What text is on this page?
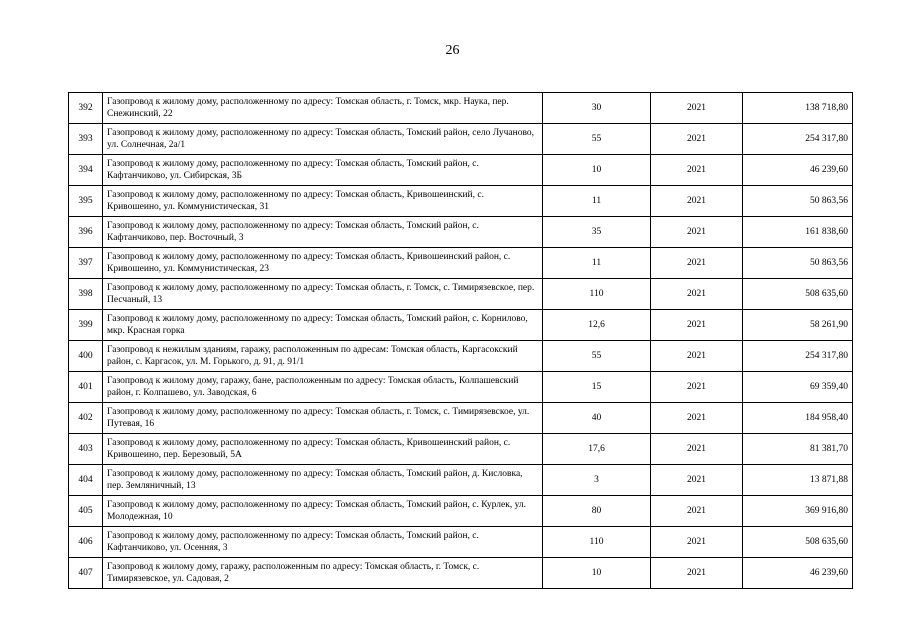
26
392	Газопровод к жилому дому, расположенному по адресу: Томская область, г. Томск, мкр. Наука, пер. Снежинский, 22	30	2021	138 718,80
393	Газопровод к жилому дому, расположенному по адресу: Томская область, Томский район, село Лучаново, ул. Солнечная, 2а/1	55	2021	254 317,80
394	Газопровод к жилому дому, расположенному по адресу: Томская область, Томский район, с. Кафтанчиково, ул. Сибирская, 3Б	10	2021	46 239,60
395	Газопровод к жилому дому, расположенному по адресу: Томская область, Кривошеинский, с. Кривошеино, ул. Коммунистическая, 31	11	2021	50 863,56
396	Газопровод к жилому дому, расположенному по адресу: Томская область, Томский район, с. Кафтанчиково, пер. Восточный, 3	35	2021	161 838,60
397	Газопровод к жилому дому, расположенному по адресу: Томская область, Кривошеинский район, с. Кривошеино, ул. Коммунистическая, 23	11	2021	50 863,56
398	Газопровод к жилому дому, расположенному по адресу: Томская область, г. Томск, с. Тимирязевское, пер. Песчаный, 13	110	2021	508 635,60
399	Газопровод к жилому дому, расположенному по адресу: Томская область, Томский район, с. Корнилово, мкр. Красная горка	12,6	2021	58 261,90
400	Газопровод к нежилым зданиям, гаражу, расположенным по адресам: Томская область, Каргасокский район, с. Каргасок, ул. М. Горького, д. 91, д. 91/1	55	2021	254 317,80
401	Газопровод к жилому дому, гаражу, бане, расположенным по адресу: Томская область, Колпашевский район, г. Колпашево, ул. Заводская, 6	15	2021	69 359,40
402	Газопровод к жилому дому, расположенному по адресу: Томская область, г. Томск, с. Тимирязевское, ул. Путевая, 16	40	2021	184 958,40
403	Газопровод к жилому дому, расположенному по адресу: Томская область, Кривошеинский район, с. Кривошеино, пер. Березовый, 5А	17,6	2021	81 381,70
404	Газопровод к жилому дому, расположенному по адресу: Томская область, Томский район, д. Кисловка, пер. Земляничный, 13	3	2021	13 871,88
405	Газопровод к жилому дому, расположенному по адресу: Томская область, Томский район, с. Курлек, ул. Молодежная, 10	80	2021	369 916,80
406	Газопровод к жилому дому, расположенному по адресу: Томская область, Томский район, с. Кафтанчиково, ул. Осенняя, 3	110	2021	508 635,60
407	Газопровод к жилому дому, гаражу, расположенным по адресу: Томская область, г. Томск, с. Тимирязевское, ул. Садовая, 2	10	2021	46 239,60
